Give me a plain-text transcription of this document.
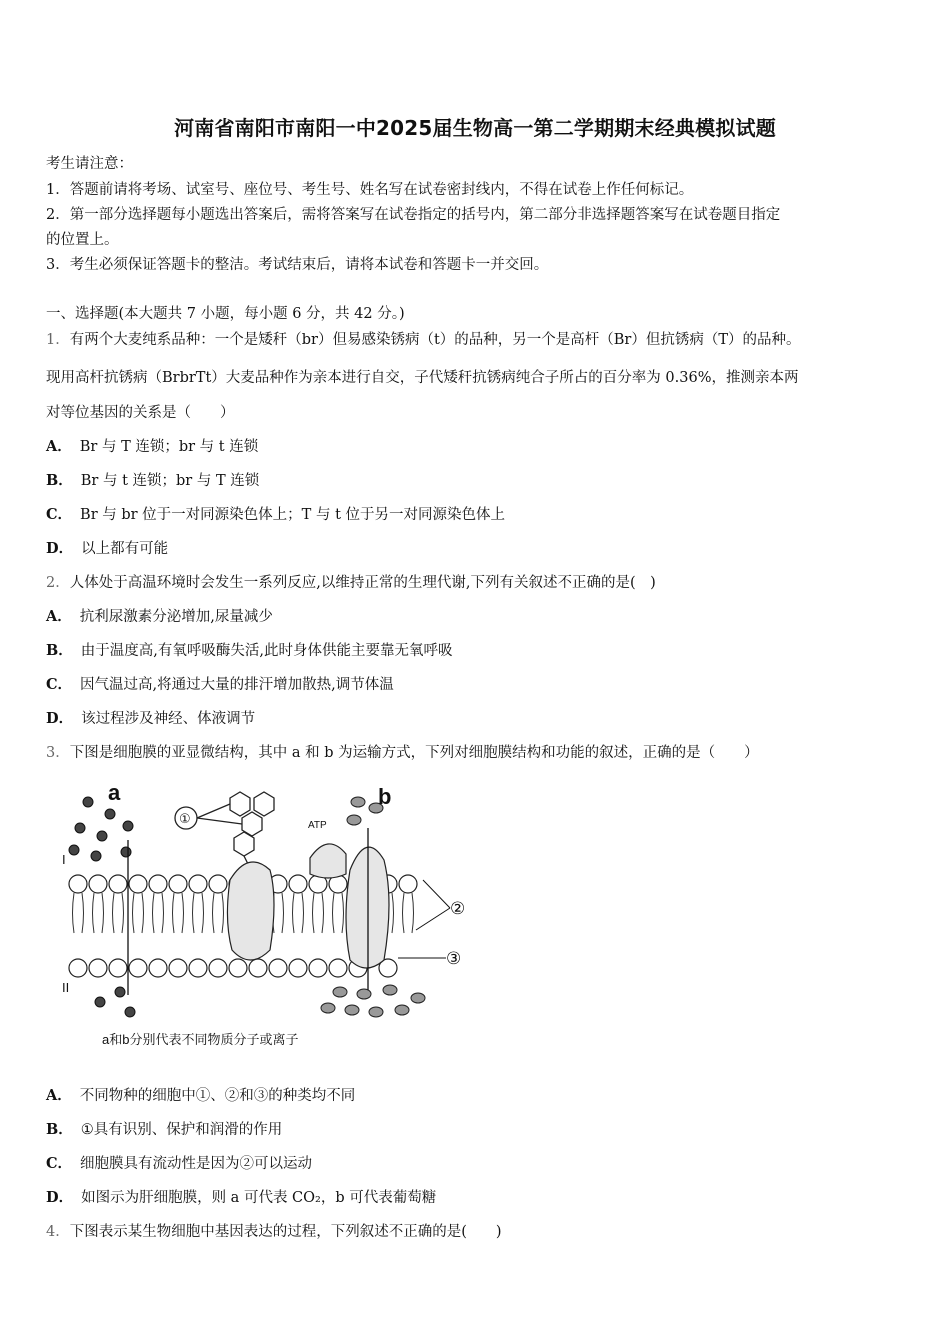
河南省南阳市南阳一中2025届生物高一第二学期期末经典模拟试题
考生请注意：
1．答题前请将考场、试室号、座位号、考生号、姓名写在试卷密封线内，不得在试卷上作任何标记。
2．第一部分选择题每小题选出答案后，需将答案写在试卷指定的括号内，第二部分非选择题答案写在试卷题目指定
的位置上。
3．考生必须保证答题卡的整洁。考试结束后，请将本试卷和答题卡一并交回。
一、选择题(本大题共 7 小题，每小题 6 分，共 42 分。)
1．有两个大麦纯系品种：一个是矮秆（br）但易感染锈病（t）的品种，另一个是高杆（Br）但抗锈病（T）的品种。
现用高杆抗锈病（BrbrTt）大麦品种作为亲本进行自交，子代矮秆抗锈病纯合子所占的百分率为 0.36%，推测亲本两
对等位基因的关系是（　　）
A． Br 与 T 连锁；br 与 t 连锁
B． Br 与 t 连锁；br 与 T 连锁
C． Br 与 br 位于一对同源染色体上；T 与 t 位于另一对同源染色体上
D． 以上都有可能
2．人体处于高温环境时会发生一系列反应,以维持正常的生理代谢,下列有关叙述不正确的是(　)
A． 抗利尿激素分泌增加,尿量减少
B． 由于温度高,有氧呼吸酶失活,此时身体供能主要靠无氧呼吸
C． 因气温过高,将通过大量的排汗增加散热,调节体温
D． 该过程涉及神经、体液调节
3．下图是细胞膜的亚显微结构，其中 a 和 b 为运输方式，下列对细胞膜结构和功能的叙述，正确的是（　　）
a
I
①
b
ATP
②
③
II
a和b分别代表不同物质分子或离子
A． 不同物种的细胞中①、②和③的种类均不同
B． ①具有识别、保护和润滑的作用
C． 细胞膜具有流动性是因为②可以运动
D． 如图示为肝细胞膜，则 a 可代表 CO₂，b 可代表葡萄糖
4．下图表示某生物细胞中基因表达的过程，下列叙述不正确的是(　　)
